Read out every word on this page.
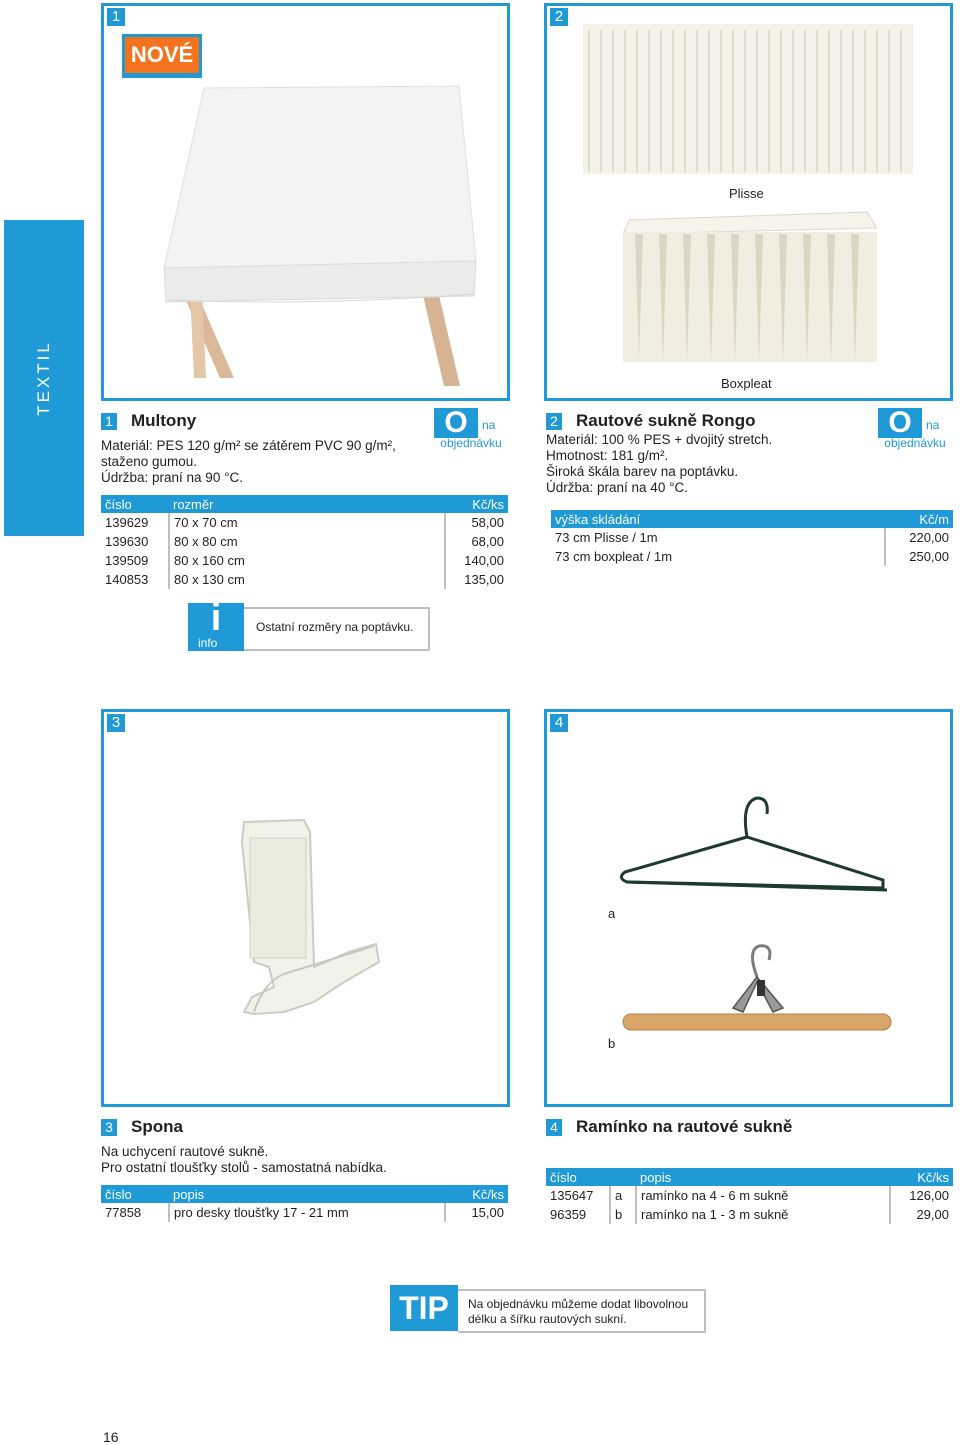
TEXTIL
1
NOVÉ
2
Plisse
Boxpleat
1 Multony
Materiál: PES 120 g/m² se zátěrem PVC 90 g/m²,
staženo gumou.
Údržba: praní na 90 °C.
O	na
objednávku
číslo	rozměr	Kč/ks
139629	70 x 70 cm	58,00
139630	80 x 80 cm	68,00
139509	80 x 160 cm	140,00
140853	80 x 130 cm	135,00
2 Rautové sukně Rongo
Materiál: 100 % PES + dvojitý stretch.
Hmotnost: 181 g/m².
Široká škála barev na poptávku.
Údržba: praní na 40 °C.
O	na
objednávku
výška skládání	Kč/m
73 cm Plisse / 1m	220,00
73 cm boxpleat / 1m	250,00
i
info
Ostatní rozměry na poptávku.
3	4
a
b
3 Spona
Na uchycení rautové sukně.
Pro ostatní tloušťky stolů - samostatná nabídka.
číslo	popis	Kč/ks
77858	pro desky tloušťky 17 - 21 mm	15,00
4 Ramínko na rautové sukně
číslo		popis	Kč/ks
135647	a	ramínko na 4 - 6 m sukně	126,00
96359	b	ramínko na 1 - 3 m sukně	29,00
TIP	Na objednávku můžeme dodat libovolnou
délku a šířku rautových sukní.
16
